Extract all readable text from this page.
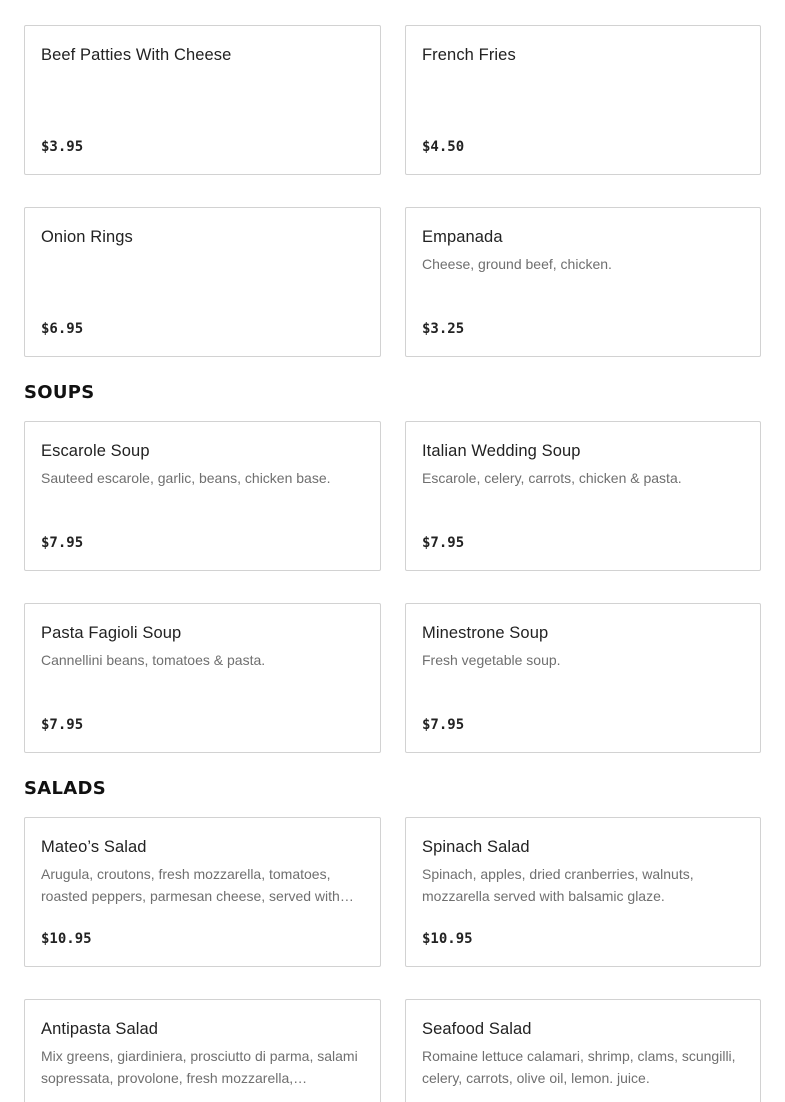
Beef Patties With Cheese
$3.95
French Fries
$4.50
Onion Rings
$6.95
Empanada
Cheese, ground beef, chicken.
$3.25
SOUPS
Escarole Soup
Sauteed escarole, garlic, beans, chicken base.
$7.95
Italian Wedding Soup
Escarole, celery, carrots, chicken & pasta.
$7.95
Pasta Fagioli Soup
Cannellini beans, tomatoes & pasta.
$7.95
Minestrone Soup
Fresh vegetable soup.
$7.95
SALADS
Mateo’s Salad
Arugula, croutons, fresh mozzarella, tomatoes, roasted peppers, parmesan cheese, served with…
$10.95
Spinach Salad
Spinach, apples, dried cranberries, walnuts, mozzarella served with balsamic glaze.
$10.95
Antipasta Salad
Mix greens, giardiniera, prosciutto di parma, salami sopressata, provolone, fresh mozzarella,…
Seafood Salad
Romaine lettuce calamari, shrimp, clams, scungilli, celery, carrots, olive oil, lemon. juice.
